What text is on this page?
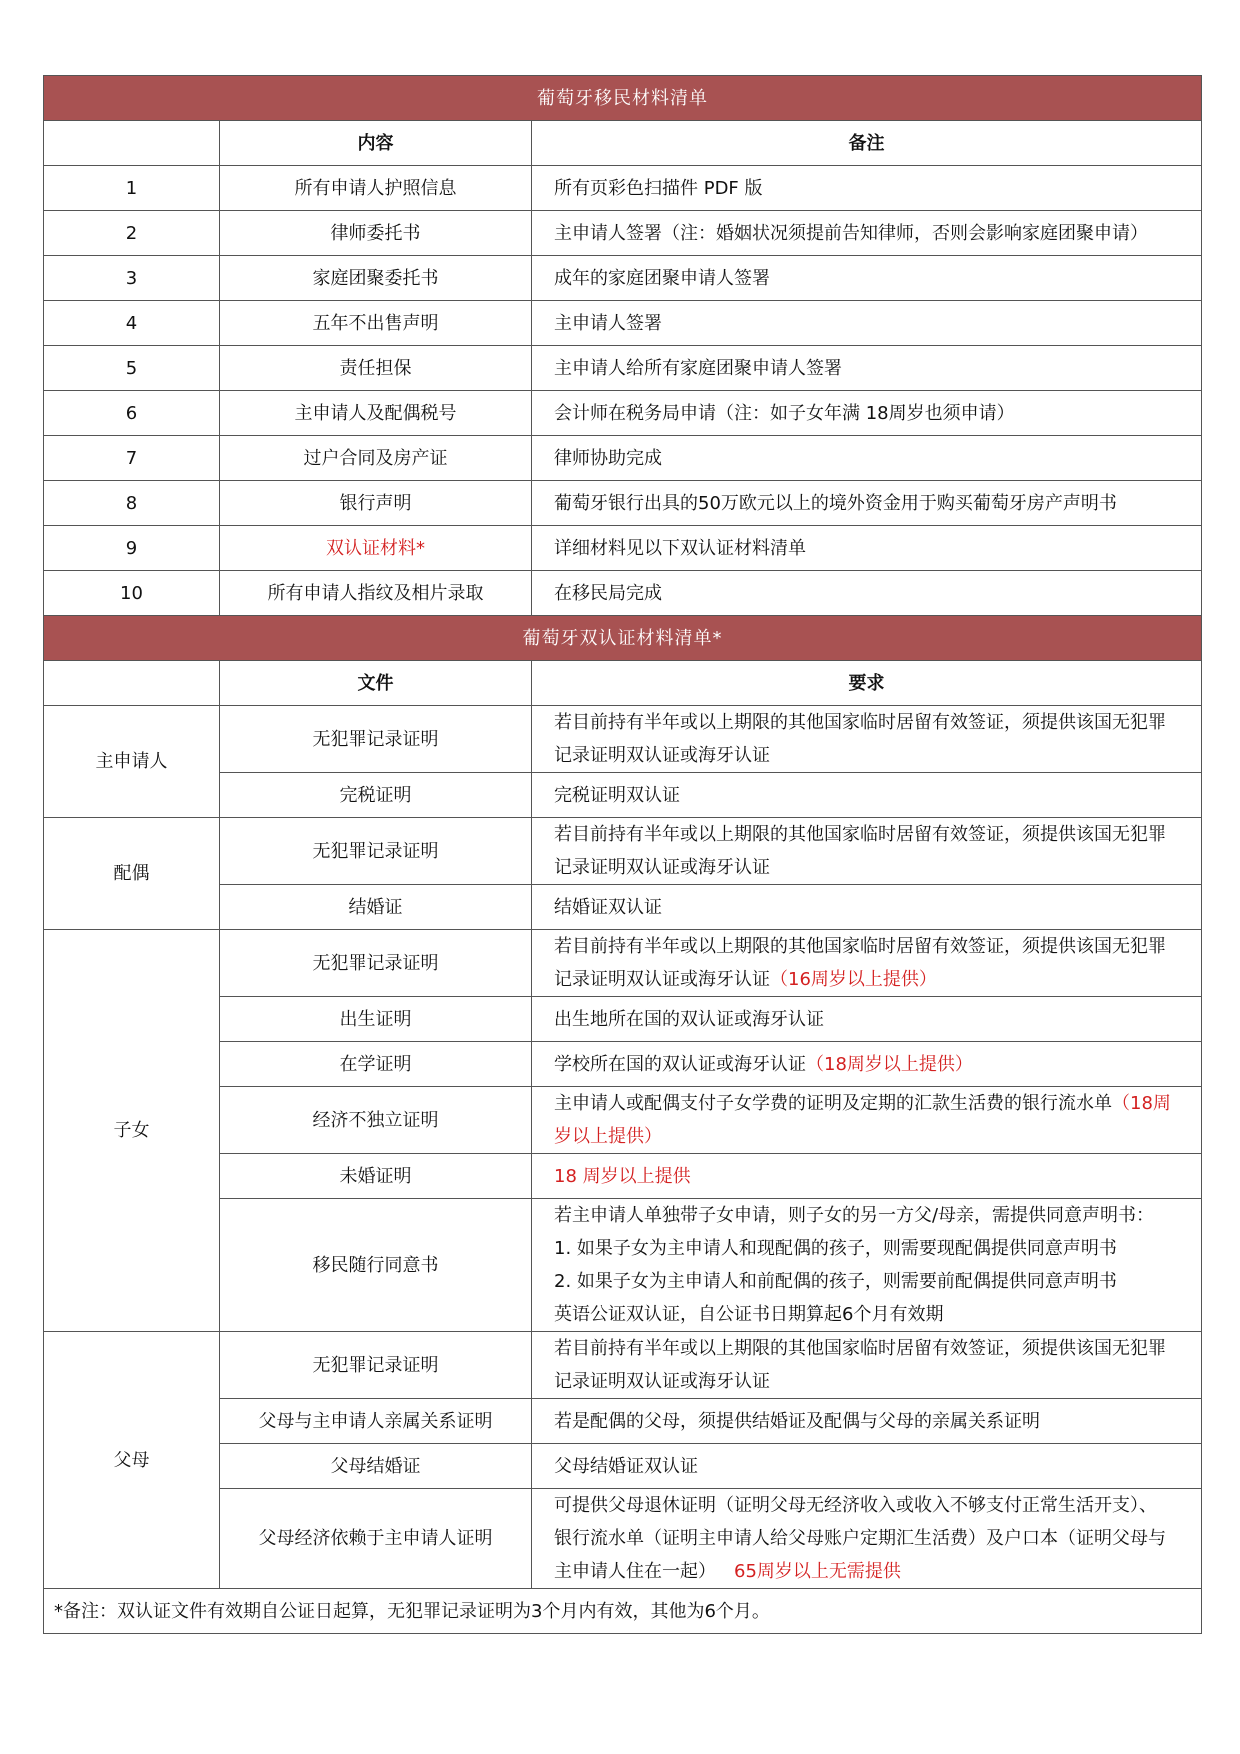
葡萄牙移民材料清单		
	内容	备注
1	所有申请人护照信息	所有页彩色扫描件 PDF 版
2	律师委托书	主申请人签署（注：婚姻状况须提前告知律师，否则会影响家庭团聚申请）
3	家庭团聚委托书	成年的家庭团聚申请人签署
4	五年不出售声明	主申请人签署
5	责任担保	主申请人给所有家庭团聚申请人签署
6	主申请人及配偶税号	会计师在税务局申请（注：如子女年满 18周岁也须申请）
7	过户合同及房产证	律师协助完成
8	银行声明	葡萄牙银行出具的50万欧元以上的境外资金用于购买葡萄牙房产声明书
9	双认证材料*	详细材料见以下双认证材料清单
10	所有申请人指纹及相片录取	在移民局完成
葡萄牙双认证材料清单*		
	文件	要求
主申请人	无犯罪记录证明	若目前持有半年或以上期限的其他国家临时居留有效签证，须提供该国无犯罪
记录证明双认证或海牙认证

	完税证明	完税证明双认证
配偶	无犯罪记录证明	若目前持有半年或以上期限的其他国家临时居留有效签证，须提供该国无犯罪
记录证明双认证或海牙认证

	结婚证	结婚证双认证
子女	无犯罪记录证明	若目前持有半年或以上期限的其他国家临时居留有效签证，须提供该国无犯罪
记录证明双认证或海牙认证（16周岁以上提供）

	出生证明	出生地所在国的双认证或海牙认证
	在学证明	学校所在国的双认证或海牙认证（18周岁以上提供）
	经济不独立证明	主申请人或配偶支付子女学费的证明及定期的汇款生活费的银行流水单（18周
岁以上提供）

	未婚证明	18 周岁以上提供
	移民随行同意书	若主申请人单独带子女申请，则子女的另一方父/母亲，需提供同意声明书：
1. 如果子女为主申请人和现配偶的孩子，则需要现配偶提供同意声明书
2. 如果子女为主申请人和前配偶的孩子，则需要前配偶提供同意声明书
英语公证双认证，自公证书日期算起6个月有效期

父母	无犯罪记录证明	若目前持有半年或以上期限的其他国家临时居留有效签证，须提供该国无犯罪
记录证明双认证或海牙认证

	父母与主申请人亲属关系证明	若是配偶的父母，须提供结婚证及配偶与父母的亲属关系证明
	父母结婚证	父母结婚证双认证
	父母经济依赖于主申请人证明	可提供父母退休证明（证明父母无经济收入或收入不够支付正常生活开支）、
银行流水单（证明主申请人给父母账户定期汇生活费）及户口本（证明父母与
主申请人住在一起） 65周岁以上无需提供

*备注：双认证文件有效期自公证日起算，无犯罪记录证明为3个月内有效，其他为6个月。		
